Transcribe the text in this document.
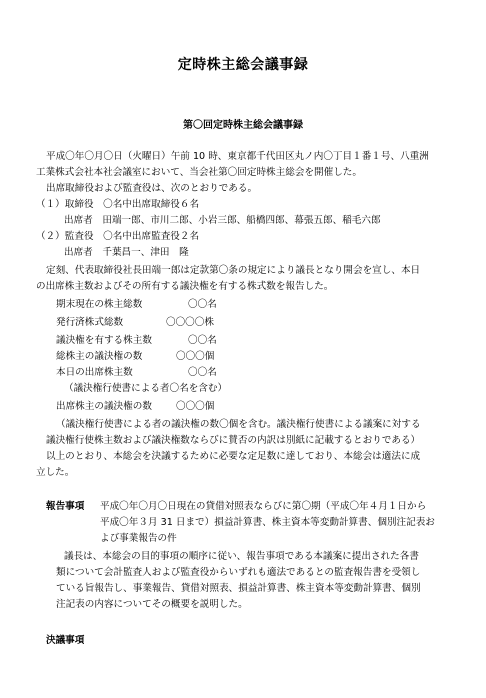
定時株主総会議事録
第〇回定時株主総会議事録
平成〇年〇月〇日（火曜日）午前 10 時、東京都千代田区丸ノ内〇丁目１番１号、八重洲
工業株式会社本社会議室において、当会社第〇回定時株主総会を開催した。
出席取締役および監査役は、次のとおりである。
（１）取締役　〇名中出席取締役６名
出席者　田端一郎、市川二郎、小岩三郎、船橋四郎、幕張五郎、稲毛六郎
（２）監査役　〇名中出席監査役２名
出席者　千葉昌一、津田　隆
定刻、代表取締役社長田端一郎は定款第〇条の規定により議長となり開会を宣し、本日
の出席株主数およびその所有する議決権を有する株式数を報告した。
期末現在の株主総数	〇〇名
発行済株式総数	〇〇〇〇株
議決権を有する株主数	〇〇名
総株主の議決権の数	〇〇〇個
本日の出席株主数	〇〇名
（議決権行使書による者〇名を含む）
出席株主の議決権の数	〇〇〇個
（議決権行使書による者の議決権の数〇個を含む。議決権行使書による議案に対する
議決権行使株主数および議決権数ならびに賛否の内訳は別紙に記載するとおりである）
以上のとおり、本総会を決議するために必要な定足数に達しており、本総会は適法に成
立した。
報告事項 平成〇年〇月〇日現在の貸借対照表ならびに第〇期（平成〇年４月１日から
平成〇年３月 31 日まで）損益計算書、株主資本等変動計算書、個別注記表お
よび事業報告の件
議長は、本総会の目的事項の順序に従い、報告事項である本議案に提出された各書
類について会計監査人および監査役からいずれも適法であるとの監査報告書を受領し
ている旨報告し、事業報告、貸借対照表、損益計算書、株主資本等変動計算書、個別
注記表の内容についてその概要を説明した。
決議事項
